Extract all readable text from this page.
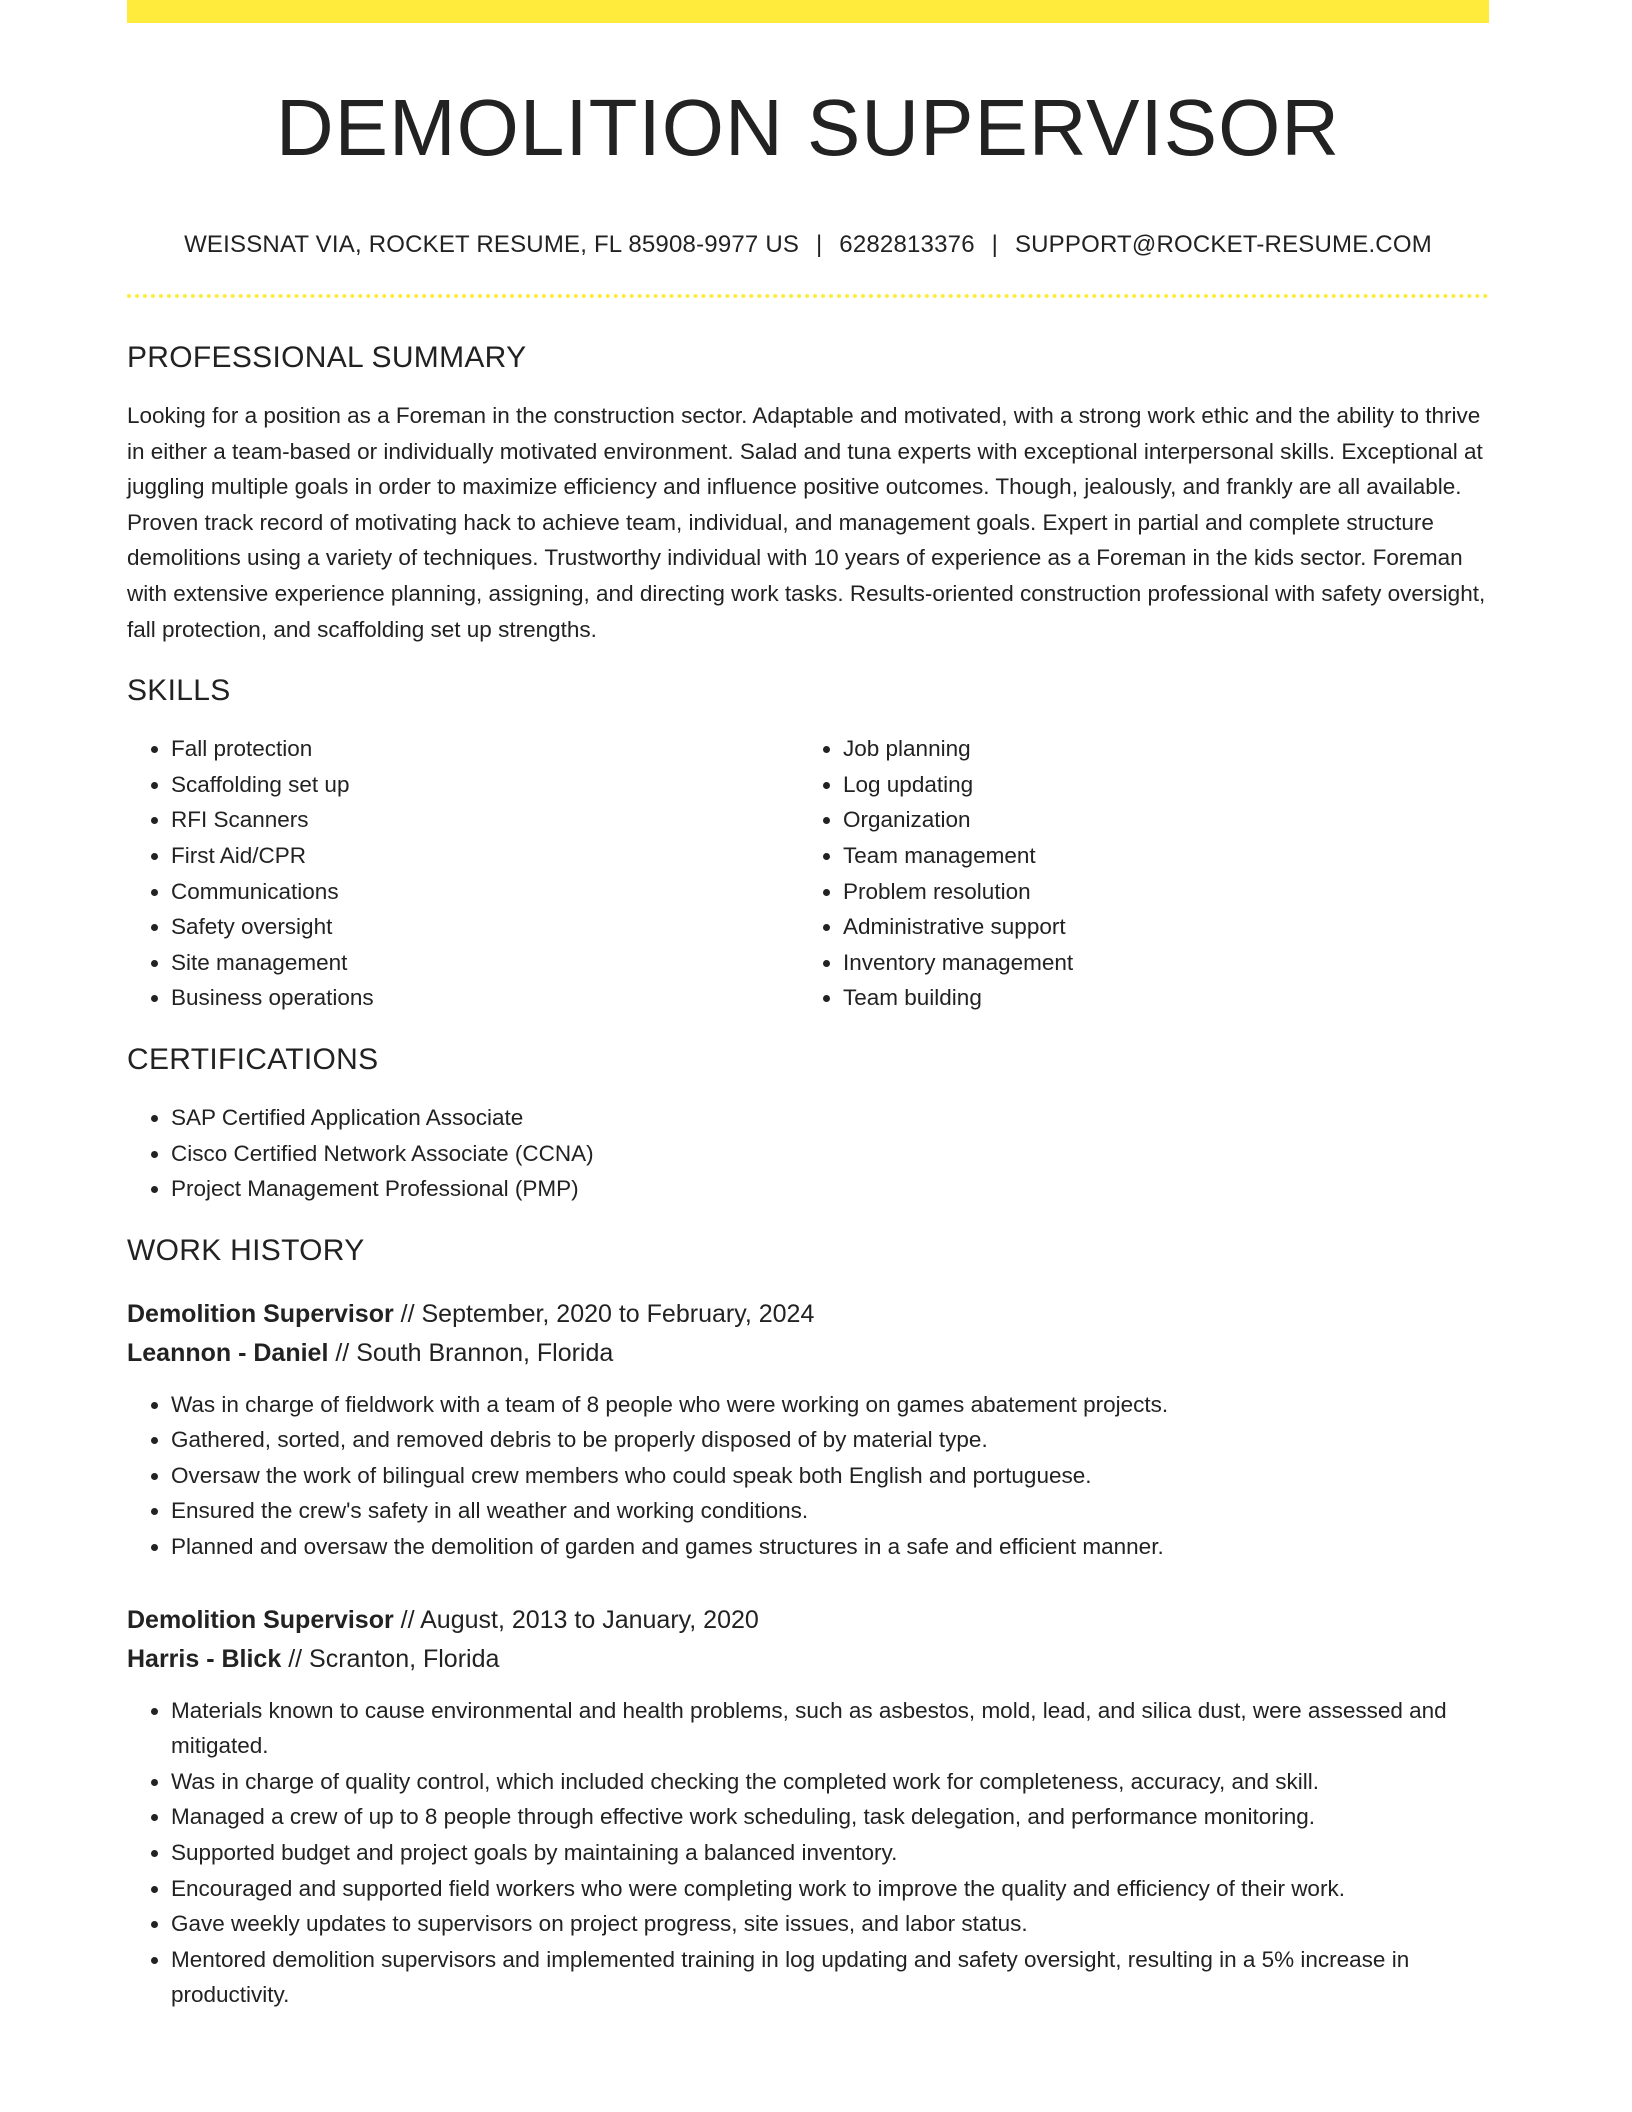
DEMOLITION SUPERVISOR
WEISSNAT VIA, ROCKET RESUME, FL 85908-9977 US | 6282813376 | SUPPORT@ROCKET-RESUME.COM
PROFESSIONAL SUMMARY
Looking for a position as a Foreman in the construction sector. Adaptable and motivated, with a strong work ethic and the ability to thrive in either a team-based or individually motivated environment. Salad and tuna experts with exceptional interpersonal skills. Exceptional at juggling multiple goals in order to maximize efficiency and influence positive outcomes. Though, jealously, and frankly are all available. Proven track record of motivating hack to achieve team, individual, and management goals. Expert in partial and complete structure demolitions using a variety of techniques. Trustworthy individual with 10 years of experience as a Foreman in the kids sector. Foreman with extensive experience planning, assigning, and directing work tasks. Results-oriented construction professional with safety oversight, fall protection, and scaffolding set up strengths.
SKILLS
• Fall protection
• Scaffolding set up
• RFI Scanners
• First Aid/CPR
• Communications
• Safety oversight
• Site management
• Business operations
• Job planning
• Log updating
• Organization
• Team management
• Problem resolution
• Administrative support
• Inventory management
• Team building
CERTIFICATIONS
• SAP Certified Application Associate
• Cisco Certified Network Associate (CCNA)
• Project Management Professional (PMP)
WORK HISTORY
Demolition Supervisor // September, 2020 to February, 2024
Leannon - Daniel // South Brannon, Florida
• Was in charge of fieldwork with a team of 8 people who were working on games abatement projects.
• Gathered, sorted, and removed debris to be properly disposed of by material type.
• Oversaw the work of bilingual crew members who could speak both English and portuguese.
• Ensured the crew's safety in all weather and working conditions.
• Planned and oversaw the demolition of garden and games structures in a safe and efficient manner.
Demolition Supervisor // August, 2013 to January, 2020
Harris - Blick // Scranton, Florida
• Materials known to cause environmental and health problems, such as asbestos, mold, lead, and silica dust, were assessed and mitigated.
• Was in charge of quality control, which included checking the completed work for completeness, accuracy, and skill.
• Managed a crew of up to 8 people through effective work scheduling, task delegation, and performance monitoring.
• Supported budget and project goals by maintaining a balanced inventory.
• Encouraged and supported field workers who were completing work to improve the quality and efficiency of their work.
• Gave weekly updates to supervisors on project progress, site issues, and labor status.
• Mentored demolition supervisors and implemented training in log updating and safety oversight, resulting in a 5% increase in productivity.
